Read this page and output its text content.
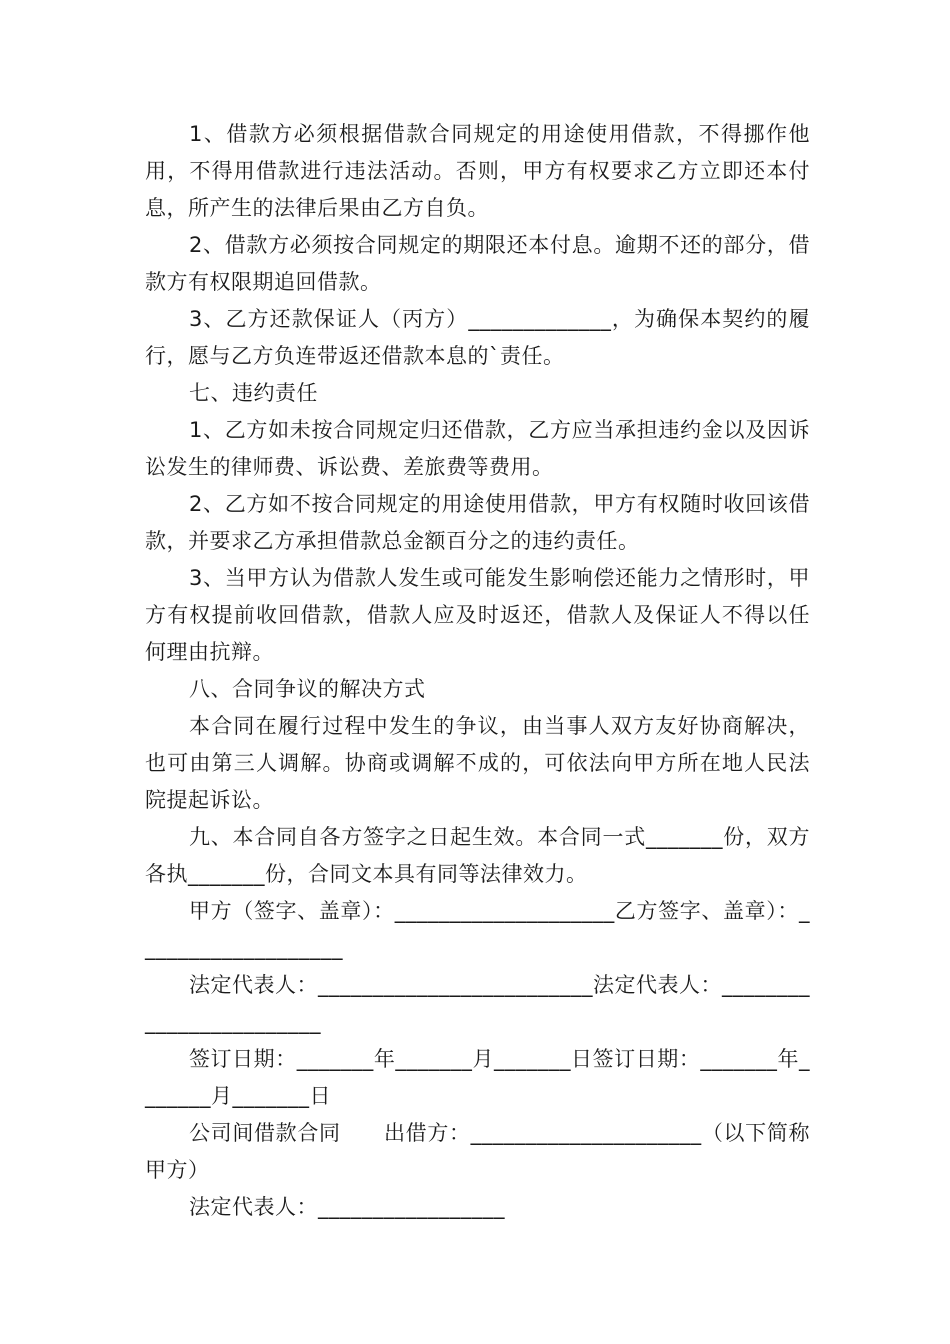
1、借款方必须根据借款合同规定的用途使用借款，不得挪作他用，不得用借款进行违法活动。否则，甲方有权要求乙方立即还本付息，所产生的法律后果由乙方自负。

2、借款方必须按合同规定的期限还本付息。逾期不还的部分，借款方有权限期追回借款。

3、乙方还款保证人（丙方）_____________，为确保本契约的履行，愿与乙方负连带返还借款本息的`责任。

七、违约责任

1、乙方如未按合同规定归还借款，乙方应当承担违约金以及因诉讼发生的律师费、诉讼费、差旅费等费用。

2、乙方如不按合同规定的用途使用借款，甲方有权随时收回该借款，并要求乙方承担借款总金额百分之的违约责任。

3、当甲方认为借款人发生或可能发生影响偿还能力之情形时，甲方有权提前收回借款，借款人应及时返还，借款人及保证人不得以任何理由抗辩。

八、合同争议的解决方式

本合同在履行过程中发生的争议，由当事人双方友好协商解决，也可由第三人调解。协商或调解不成的，可依法向甲方所在地人民法院提起诉讼。

九、本合同自各方签字之日起生效。本合同一式_______份，双方各执_______份，合同文本具有同等法律效力。

甲方（签字、盖章）：____________________乙方签字、盖章）：___________________

法定代表人：_________________________法定代表人：________________________

签订日期：_______年_______月_______日签订日期：_______年_______月_______日

公司间借款合同　　出借方：_____________________（以下简称甲方）

法定代表人：_________________
